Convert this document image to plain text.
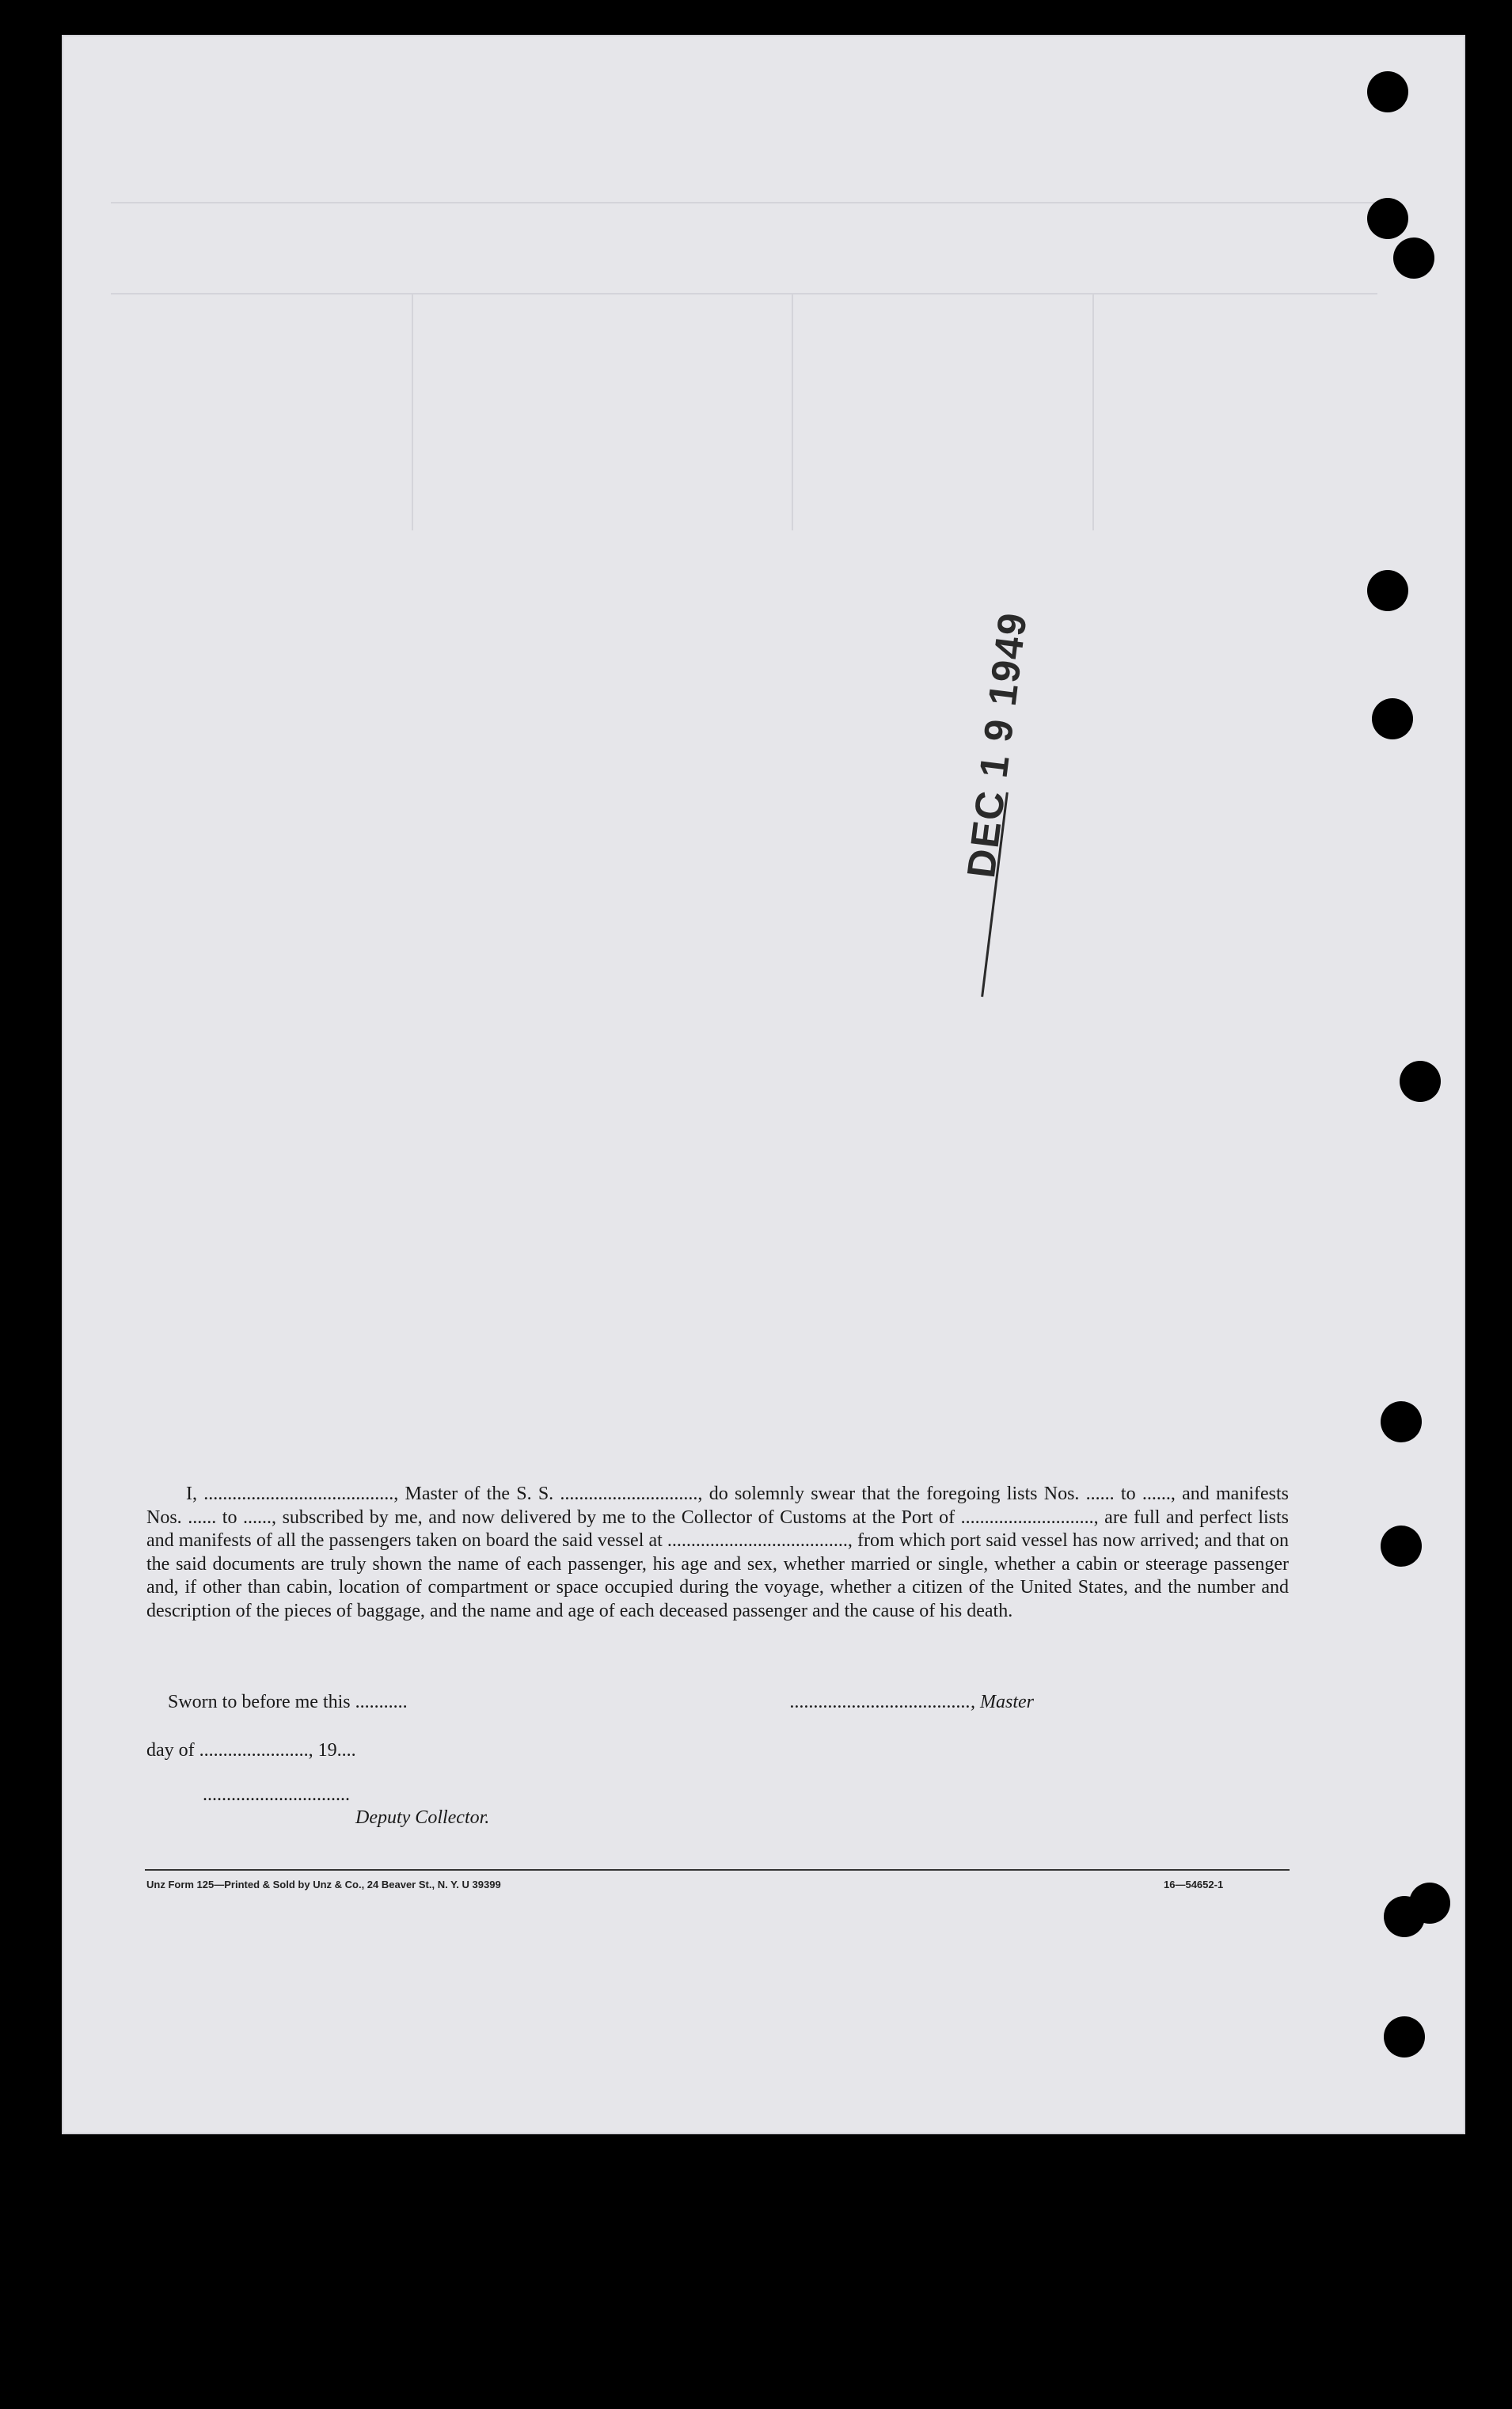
DEC 1 9 1949

I, ........................................, Master of the S. S. ............................., do solemnly swear that the foregoing lists Nos. ...... to ......, and manifests Nos. ...... to ......, subscribed by me, and now delivered by me to the Collector of Customs at the Port of ............................, are full and perfect lists and manifests of all the passengers taken on board the said vessel at ......................................, from which port said vessel has now arrived; and that on the said documents are truly shown the name of each passenger, his age and sex, whether married or single, whether a cabin or steerage passenger and, if other than cabin, location of compartment or space occupied during the voyage, whether a citizen of the United States, and the number and description of the pieces of baggage, and the name and age of each deceased passenger and the cause of his death.

Sworn to before me this ...........	......................................, Master
day of ......................., 19....
...............................
Deputy Collector.
Unz Form 125—Printed & Sold by Unz & Co., 24 Beaver St., N. Y. U 39399	16—54652-1
